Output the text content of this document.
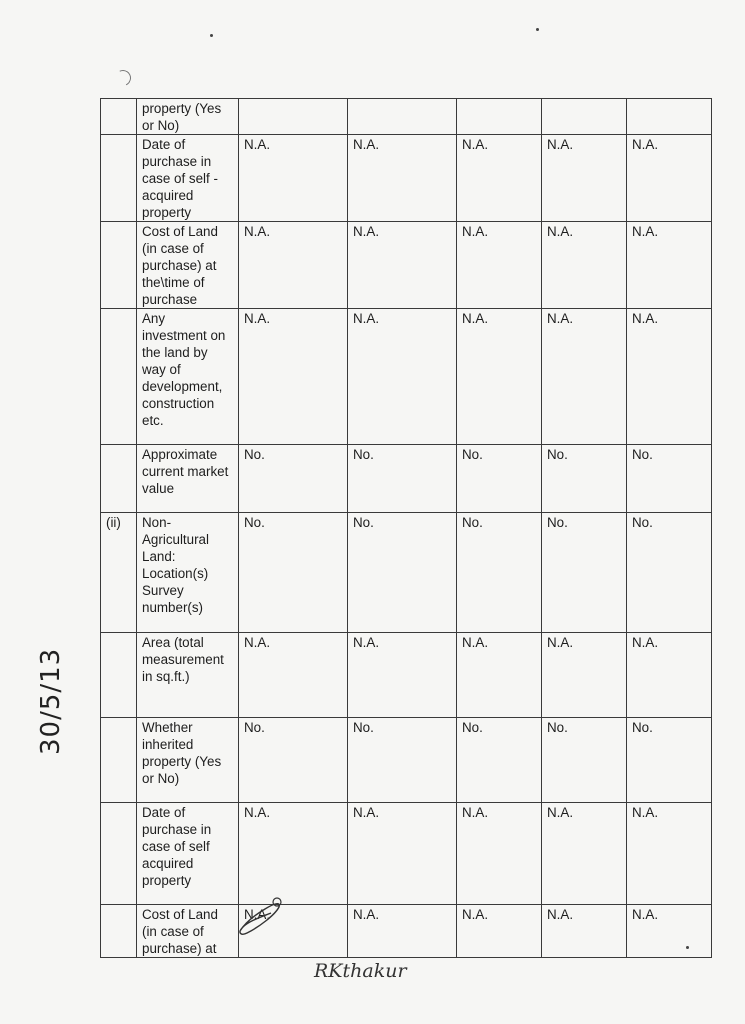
	property (Yes or No)					
	Date of purchase in case of self -acquired property	N.A.	N.A.	N.A.	N.A.	N.A.
	Cost of Land (in case of purchase) at the\time of purchase	N.A.	N.A.	N.A.	N.A.	N.A.
	Any investment on the land by way of development, construction etc.	N.A.	N.A.	N.A.	N.A.	N.A.
	Approximate current market value	No.	No.	No.	No.	No.
(ii)	Non-Agricultural Land: Location(s) Survey number(s)	No.	No.	No.	No.	No.
	Area (total measurement in sq.ft.)	N.A.	N.A.	N.A.	N.A.	N.A.
	Whether inherited property (Yes or No)	No.	No.	No.	No.	No.
	Date of purchase in case of self acquired property	N.A.	N.A.	N.A.	N.A.	N.A.
	Cost of Land (in case of purchase) at	N.A.	N.A.	N.A.	N.A.	N.A.
30/5/13
RKthakur
